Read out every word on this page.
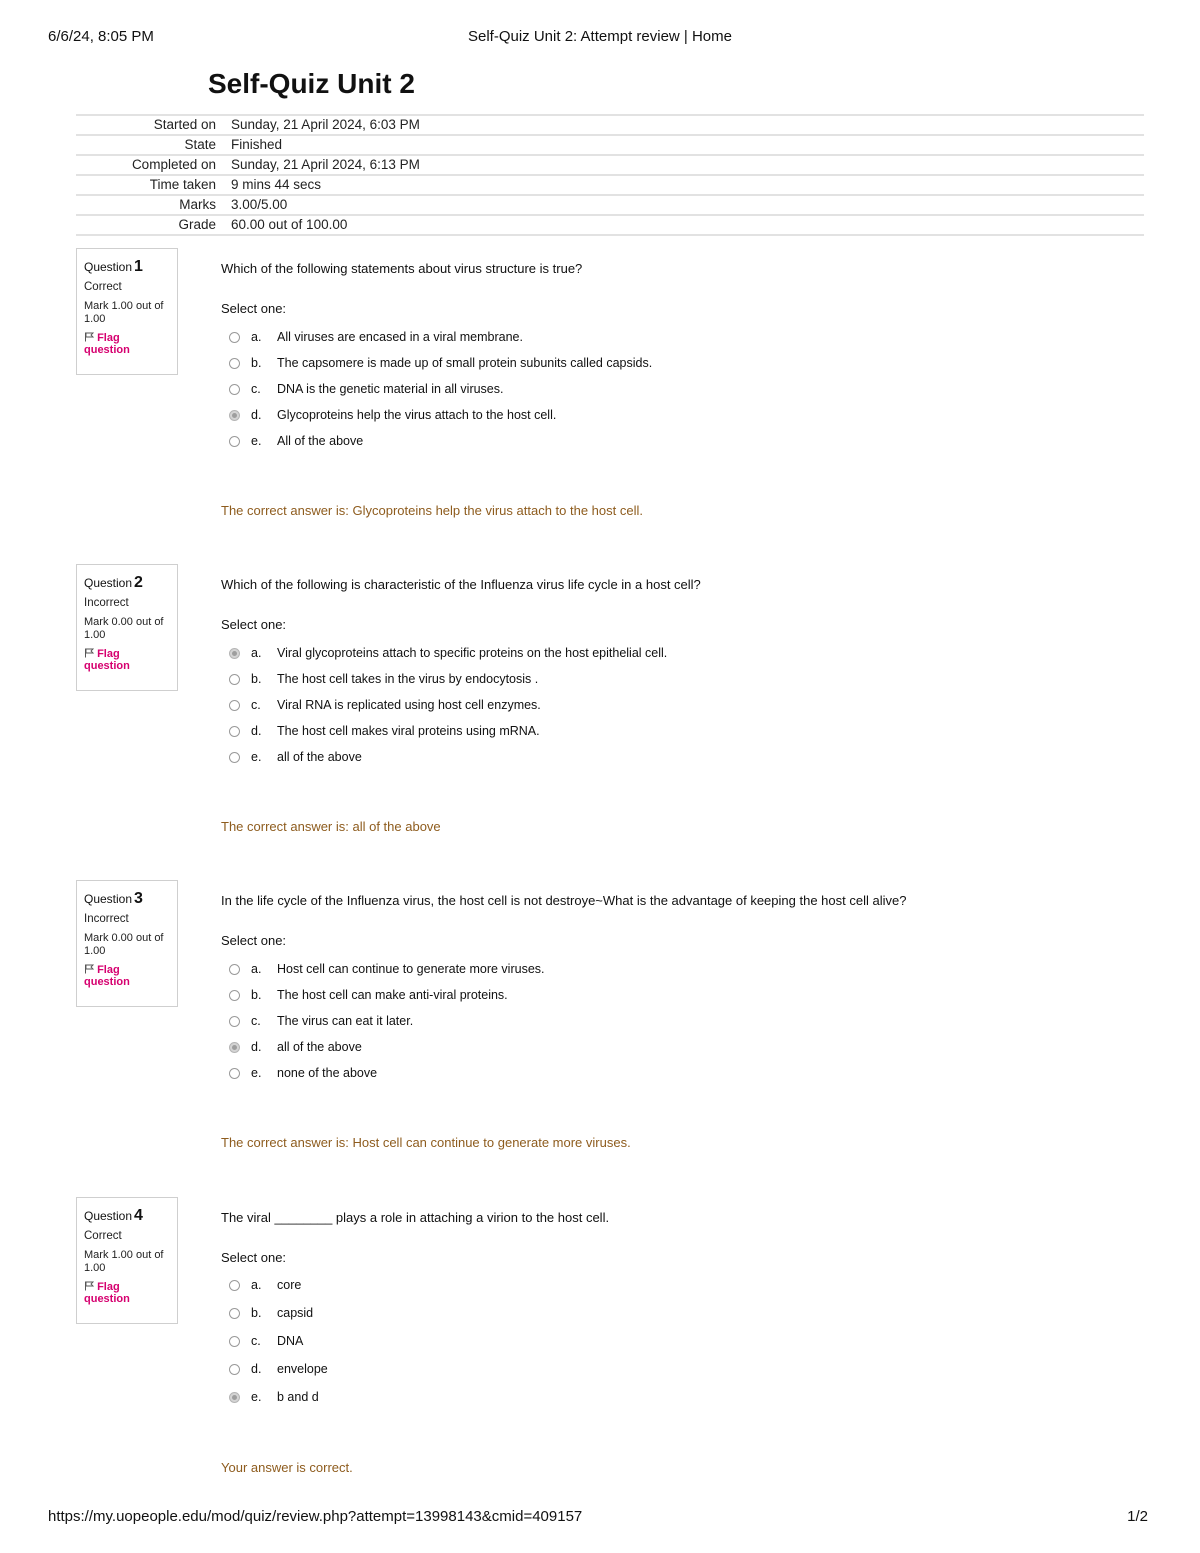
6/6/24, 8:05 PM	Self-Quiz Unit 2: Attempt review | Home
Self-Quiz Unit 2
Started on Sunday, 21 April 2024, 6:03 PM
State Finished
Completed on Sunday, 21 April 2024, 6:13 PM
Time taken 9 mins 44 secs
Marks 3.00/5.00
Grade 60.00 out of 100.00
Question 1
Correct
Mark 1.00 out of
1.00
Flag
question
Which of the following statements about virus structure is true?
Select one:
a. All viruses are encased in a viral membrane.
b. The capsomere is made up of small protein subunits called capsids.
c. DNA is the genetic material in all viruses.
d. Glycoproteins help the virus attach to the host cell.
e. All of the above
The correct answer is: Glycoproteins help the virus attach to the host cell.
Question 2
Incorrect
Mark 0.00 out of
1.00
Flag
question
Which of the following is characteristic of the Influenza virus life cycle in a host cell?
Select one:
a. Viral glycoproteins attach to specific proteins on the host epithelial cell.
b. The host cell takes in the virus by endocytosis .
c. Viral RNA is replicated using host cell enzymes.
d. The host cell makes viral proteins using mRNA.
e. all of the above
The correct answer is: all of the above
Question 3
Incorrect
Mark 0.00 out of
1.00
Flag
question
In the life cycle of the Influenza virus, the host cell is not destroye~What is the advantage of keeping the host cell alive?
Select one:
a. Host cell can continue to generate more viruses.
b. The host cell can make anti-viral proteins.
c. The virus can eat it later.
d. all of the above
e. none of the above
The correct answer is: Host cell can continue to generate more viruses.
Question 4
Correct
Mark 1.00 out of
1.00
Flag
question
The viral ________ plays a role in attaching a virion to the host cell.
Select one:
a. core
b. capsid
c. DNA
d. envelope
e. b and d
Your answer is correct.
https://my.uopeople.edu/mod/quiz/review.php?attempt=13998143&cmid=409157	1/2
